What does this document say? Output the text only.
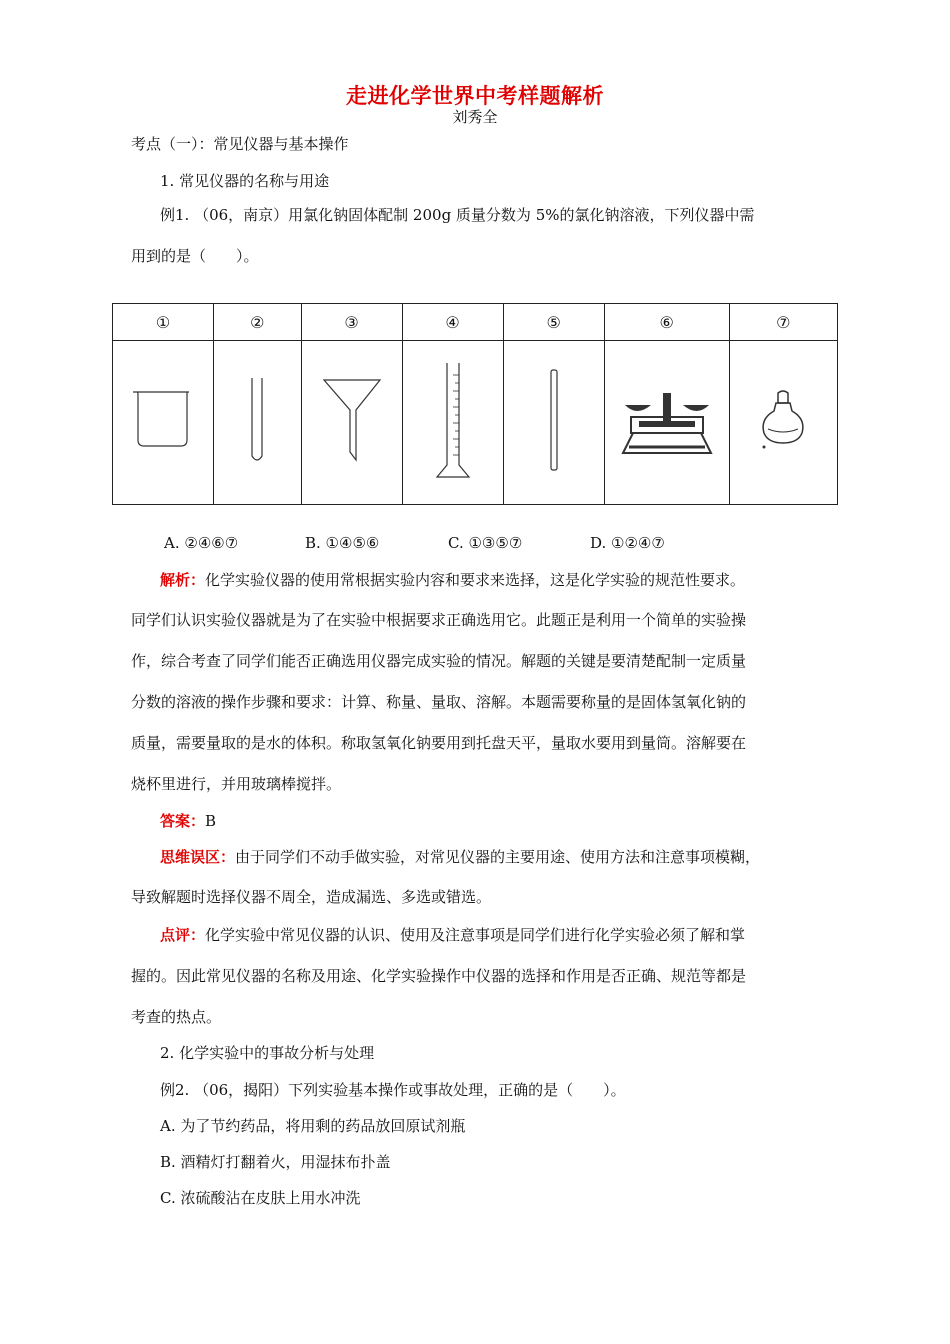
走进化学世界中考样题解析
刘秀全
考点（一）：常见仪器与基本操作
1. 常见仪器的名称与用途
例1. （06，南京）用氯化钠固体配制 200g 质量分数为 5%的氯化钠溶液，下列仪器中需
用到的是（　　）。
①	②	③	④	⑤	⑥	⑦

A. ②④⑥⑦	B. ①④⑤⑥	C. ①③⑤⑦	D. ①②④⑦
解析：化学实验仪器的使用常根据实验内容和要求来选择，这是化学实验的规范性要求。
同学们认识实验仪器就是为了在实验中根据要求正确选用它。此题正是利用一个简单的实验操
作，综合考查了同学们能否正确选用仪器完成实验的情况。解题的关键是要清楚配制一定质量
分数的溶液的操作步骤和要求：计算、称量、量取、溶解。本题需要称量的是固体氢氧化钠的
质量，需要量取的是水的体积。称取氢氧化钠要用到托盘天平，量取水要用到量筒。溶解要在
烧杯里进行，并用玻璃棒搅拌。
答案：B
思维误区：由于同学们不动手做实验，对常见仪器的主要用途、使用方法和注意事项模糊，
导致解题时选择仪器不周全，造成漏选、多选或错选。
点评：化学实验中常见仪器的认识、使用及注意事项是同学们进行化学实验必须了解和掌
握的。因此常见仪器的名称及用途、化学实验操作中仪器的选择和作用是否正确、规范等都是
考查的热点。
2. 化学实验中的事故分析与处理
例2. （06，揭阳）下列实验基本操作或事故处理，正确的是（　　）。
A. 为了节约药品，将用剩的药品放回原试剂瓶
B. 酒精灯打翻着火，用湿抹布扑盖
C. 浓硫酸沾在皮肤上用水冲洗
